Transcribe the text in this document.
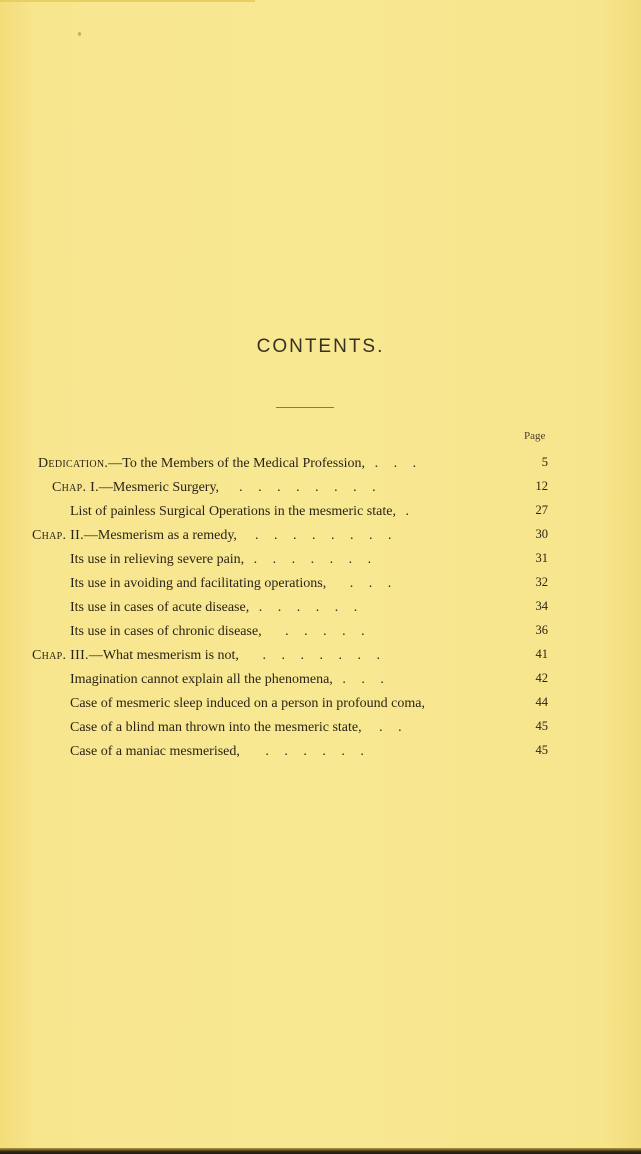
CONTENTS.
Page
Dedication.—To the Members of the Medical Profession, . . .	5
Chap. I.—Mesmeric Surgery, . . . . . . . .	12
List of painless Surgical Operations in the mesmeric state, .	27
Chap. II.—Mesmerism as a remedy, . . . . . . . .	30
Its use in relieving severe pain, . . . . . . .	31
Its use in avoiding and facilitating operations, . . .	32
Its use in cases of acute disease, . . . . . .	34
Its use in cases of chronic disease, . . . . .	36
Chap. III.—What mesmerism is not, . . . . . . .	41
Imagination cannot explain all the phenomena, . . .	42
Case of mesmeric sleep induced on a person in profound coma,	44
Case of a blind man thrown into the mesmeric state, . .	45
Case of a maniac mesmerised, . . . . . .	45
